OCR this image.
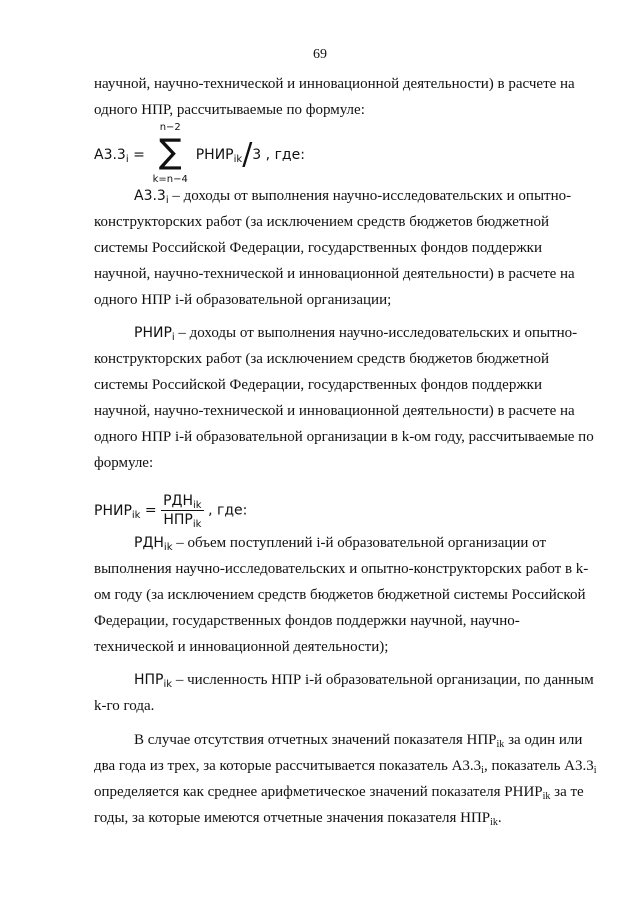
69

научной, научно-технической и инновационной деятельности) в расчете на
одного НПР, рассчитываемые по формуле:

$А3.3_i$ =
n−2
∑
k=n−4
$РНИР_{ik}/3$ , где:

$А3.3_i$ – доходы от выполнения научно-исследовательских и опытно-
конструкторских работ (за исключением средств бюджетов бюджетной
системы Российской Федерации, государственных фондов поддержки
научной, научно-технической и инновационной деятельности) в расчете на
одного НПР i-й образовательной организации;

$РНИР_i$ – доходы от выполнения научно-исследовательских и опытно-
конструкторских работ (за исключением средств бюджетов бюджетной
системы Российской Федерации, государственных фондов поддержки
научной, научно-технической и инновационной деятельности) в расчете на
одного НПР i-й образовательной организации в k-ом году, рассчитываемые по
формуле:

$РНИР_{ik} = \frac{РДН_{ik}}{НПР_{ik}}$ , где:

$РДН_{ik}$ – объем поступлений i-й образовательной организации от
выполнения научно-исследовательских и опытно-конструкторских работ в k-
ом году (за исключением средств бюджетов бюджетной системы Российской
Федерации, государственных фондов поддержки научной, научно-
технической и инновационной деятельности);

$НПР_{ik}$ – численность НПР i-й образовательной организации, по данным
k-го года.

В случае отсутствия отчетных значений показателя $НПР_{ik}$ за один или
два года из трех, за которые рассчитывается показатель $А3.3_i$, показатель $А3.3_i$
определяется как среднее арифметическое значений показателя $РНИР_{ik}$ за те
годы, за которые имеются отчетные значения показателя $НПР_{ik}$.
